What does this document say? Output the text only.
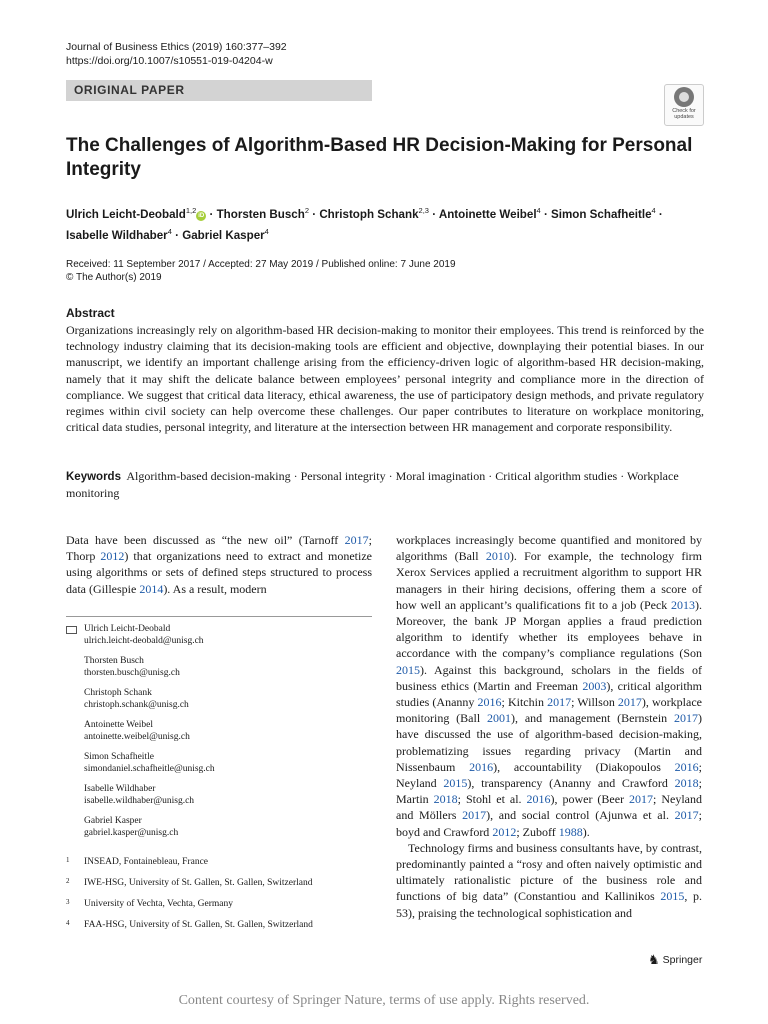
Journal of Business Ethics (2019) 160:377–392
https://doi.org/10.1007/s10551-019-04204-w
ORIGINAL PAPER
Check for
updates
The Challenges of Algorithm-Based HR Decision-Making for Personal Integrity
Ulrich Leicht-Deobald$^{1,2}$iD · Thorsten Busch$^2$ · Christoph Schank$^{2,3}$ · Antoinette Weibel$^4$ · Simon Schafheitle$^4$ · Isabelle Wildhaber$^4$ · Gabriel Kasper$^4$
Received: 11 September 2017 / Accepted: 27 May 2019 / Published online: 7 June 2019
© The Author(s) 2019
Abstract
Organizations increasingly rely on algorithm-based HR decision-making to monitor their employees. This trend is reinforced by the technology industry claiming that its decision-making tools are efficient and objective, downplaying their potential biases. In our manuscript, we identify an important challenge arising from the efficiency-driven logic of algorithm-based HR decision-making, namely that it may shift the delicate balance between employees’ personal integrity and compliance more in the direction of compliance. We suggest that critical data literacy, ethical awareness, the use of participatory design methods, and private regulatory regimes within civil society can help overcome these challenges. Our paper contributes to literature on workplace monitoring, critical data studies, personal integrity, and literature at the intersection between HR management and corporate responsibility.
Keywords Algorithm-based decision-making · Personal integrity · Moral imagination · Critical algorithm studies · Workplace monitoring
Data have been discussed as “the new oil” (Tarnoff 2017; Thorp 2012) that organizations need to extract and monetize using algorithms or sets of defined steps structured to process data (Gillespie 2014). As a result, modern
Ulrich Leicht-Deobald
ulrich.leicht-deobald@unisg.ch
Thorsten Busch
thorsten.busch@unisg.ch
Christoph Schank
christoph.schank@unisg.ch
Antoinette Weibel
antoinette.weibel@unisg.ch
Simon Schafheitle
simondaniel.schafheitle@unisg.ch
Isabelle Wildhaber
isabelle.wildhaber@unisg.ch
Gabriel Kasper
gabriel.kasper@unisg.ch
1 INSEAD, Fontainebleau, France
2 IWE-HSG, University of St. Gallen, St. Gallen, Switzerland
3 University of Vechta, Vechta, Germany
4 FAA-HSG, University of St. Gallen, St. Gallen, Switzerland
workplaces increasingly become quantified and monitored by algorithms (Ball 2010). For example, the technology firm Xerox Services applied a recruitment algorithm to support HR managers in their hiring decisions, offering them a score of how well an applicant’s qualifications fit to a job (Peck 2013). Moreover, the bank JP Morgan applies a fraud prediction algorithm to identify whether its employees behave in accordance with the company’s compliance regulations (Son 2015). Against this background, scholars in the fields of business ethics (Martin and Freeman 2003), critical algorithm studies (Ananny 2016; Kitchin 2017; Willson 2017), workplace monitoring (Ball 2001), and management (Bernstein 2017) have discussed the use of algorithm-based decision-making, problematizing issues regarding privacy (Martin and Nissenbaum 2016), accountability (Diakopoulos 2016; Neyland 2015), transparency (Ananny and Crawford 2018; Martin 2018; Stohl et al. 2016), power (Beer 2017; Neyland and Möllers 2017), and social control (Ajunwa et al. 2017; boyd and Crawford 2012; Zuboff 1988).
Technology firms and business consultants have, by contrast, predominantly painted a “rosy and often naively optimistic and ultimately rationalistic picture of the business role and functions of big data” (Constantiou and Kallinikos 2015, p. 53), praising the technological sophistication and
♞ Springer
Content courtesy of Springer Nature, terms of use apply. Rights reserved.
